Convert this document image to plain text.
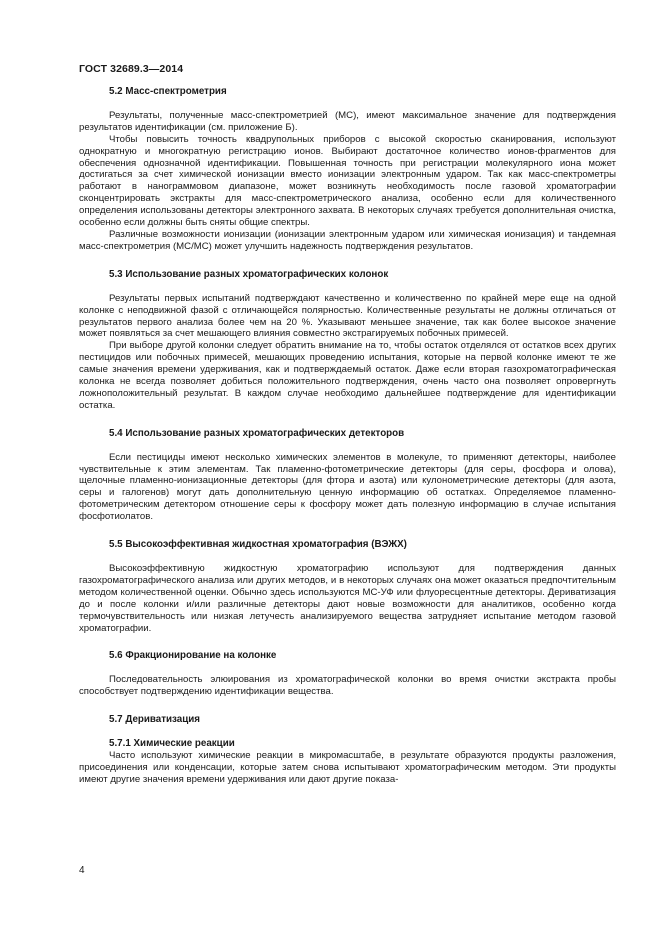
ГОСТ 32689.3—2014
5.2 Масс-спектрометрия

Результаты, полученные масс-спектрометрией (МС), имеют максимальное значение для подтверждения результатов идентификации (см. приложение Б).

Чтобы повысить точность квадрупольных приборов с высокой скоростью сканирования, используют однократную и многократную регистрацию ионов. Выбирают достаточное количество ионов-фрагментов для обеспечения однозначной идентификации. Повышенная точность при регистрации молекулярного иона может достигаться за счет химической ионизации вместо ионизации электронным ударом. Так как масс-спектрометры работают в нанограммовом диапазоне, может возникнуть необходимость после газовой хроматографии сконцентрировать экстракты для масс-спектрометрического анализа, особенно если для количественного определения использованы детекторы электронного захвата. В некоторых случаях требуется дополнительная очистка, особенно если должны быть сняты общие спектры.

Различные возможности ионизации (ионизации электронным ударом или химическая ионизация) и тандемная масс-спектрометрия (МС/МС) может улучшить надежность подтверждения результатов.

5.3 Использование разных хроматографических колонок

Результаты первых испытаний подтверждают качественно и количественно по крайней мере еще на одной колонке с неподвижной фазой с отличающейся полярностью. Количественные результаты не должны отличаться от результатов первого анализа более чем на 20 %. Указывают меньшее значение, так как более высокое значение может появляться за счет мешающего влияния совместно экстрагируемых побочных примесей.

При выборе другой колонки следует обратить внимание на то, чтобы остаток отделялся от остатков всех других пестицидов или побочных примесей, мешающих проведению испытания, которые на первой колонке имеют те же самые значения времени удерживания, как и подтверждаемый остаток. Даже если вторая газохроматографическая колонка не всегда позволяет добиться положительного подтверждения, очень часто она позволяет опровергнуть ложноположительный результат. В каждом случае необходимо дальнейшее подтверждение для идентификации остатка.

5.4 Использование разных хроматографических детекторов

Если пестициды имеют несколько химических элементов в молекуле, то применяют детекторы, наиболее чувствительные к этим элементам. Так пламенно-фотометрические детекторы (для серы, фосфора и олова), щелочные пламенно-ионизационные детекторы (для фтора и азота) или кулонометрические детекторы (для азота, серы и галогенов) могут дать дополнительную ценную информацию об остатках. Определяемое пламенно-фотометрическим детектором отношение серы к фосфору может дать полезную информацию в случае испытания фосфотиолатов.

5.5 Высокоэффективная жидкостная хроматография (ВЭЖХ)

Высокоэффективную жидкостную хроматографию используют для подтверждения данных газохроматографического анализа или других методов, и в некоторых случаях она может оказаться предпочтительным методом количественной оценки. Обычно здесь используются МС-УФ или флуоресцентные детекторы. Дериватизация до и после колонки и/или различные детекторы дают новые возможности для аналитиков, особенно когда термочувствительность или низкая летучесть анализируемого вещества затрудняет испытание методом газовой хроматографии.

5.6 Фракционирование на колонке

Последовательность элюирования из хроматографической колонки во время очистки экстракта пробы способствует подтверждению идентификации вещества.

5.7 Дериватизация
5.7.1 Химические реакции

Часто используют химические реакции в микромасштабе, в результате образуются продукты разложения, присоединения или конденсации, которые затем снова испытывают хроматографическим методом. Эти продукты имеют другие значения времени удерживания или дают другие показа-

4
